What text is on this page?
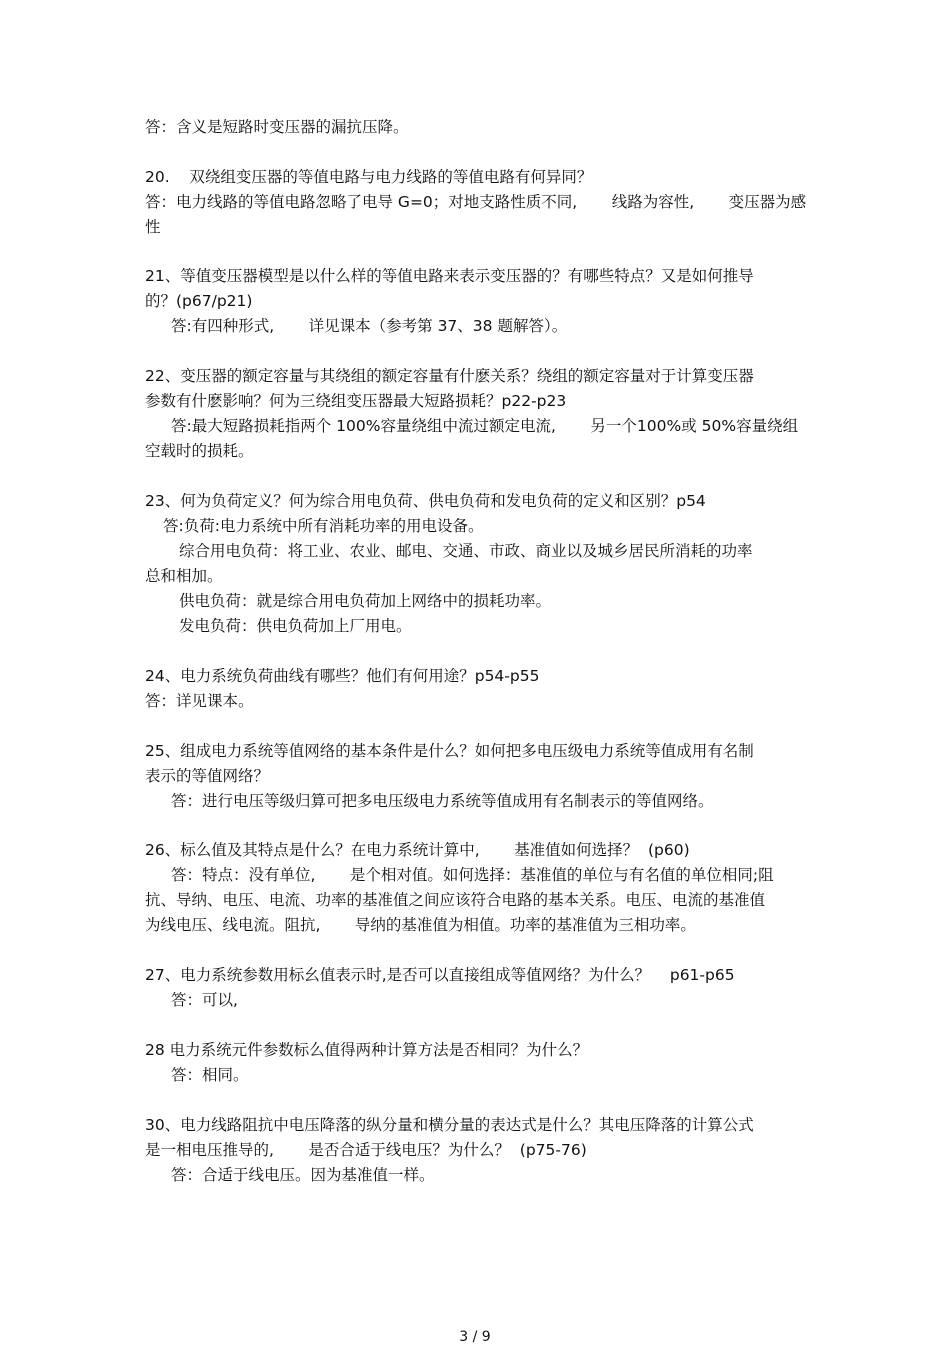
答：含义是短路时变压器的漏抗压降。
20.    双绕组变压器的等值电路与电力线路的等值电路有何异同？
答：电力线路的等值电路忽略了电导 G=0；对地支路性质不同,       线路为容性,       变压器为感
性
21、等值变压器模型是以什么样的等值电路来表示变压器的？有哪些特点？又是如何推导
的？(p67/p21)
答:有四种形式,       详见课本（参考第 37、38 题解答）。
22、变压器的额定容量与其绕组的额定容量有什麽关系？绕组的额定容量对于计算变压器
参数有什麽影响？何为三绕组变压器最大短路损耗？p22-p23
答:最大短路损耗指两个 100%容量绕组中流过额定电流,       另一个100%或 50%容量绕组
空载时的损耗。
23、何为负荷定义？何为综合用电负荷、供电负荷和发电负荷的定义和区别？p54
答:负荷:电力系统中所有消耗功率的用电设备。
综合用电负荷：将工业、农业、邮电、交通、市政、商业以及城乡居民所消耗的功率
总和相加。
供电负荷：就是综合用电负荷加上网络中的损耗功率。
发电负荷：供电负荷加上厂用电。
24、电力系统负荷曲线有哪些？他们有何用途？p54-p55
答：详见课本。
25、组成电力系统等值网络的基本条件是什么？如何把多电压级电力系统等值成用有名制
表示的等值网络？
答：进行电压等级归算可把多电压级电力系统等值成用有名制表示的等值网络。
26、标么值及其特点是什么？在电力系统计算中,       基准值如何选择？  (p60)
答：特点：没有单位,       是个相对值。如何选择：基准值的单位与有名值的单位相同;阻
抗、导纳、电压、电流、功率的基准值之间应该符合电路的基本关系。电压、电流的基准值
为线电压、线电流。阻抗,       导纳的基准值为相值。功率的基准值为三相功率。
27、电力系统参数用标幺值表示时,是否可以直接组成等值网络？为什么？    p61-p65
答：可以,
28 电力系统元件参数标么值得两种计算方法是否相同？为什么？
答：相同。
30、电力线路阻抗中电压降落的纵分量和横分量的表达式是什么？其电压降落的计算公式
是一相电压推导的,       是否合适于线电压？为什么？  (p75-76)
答：合适于线电压。因为基准值一样。
3 / 9
